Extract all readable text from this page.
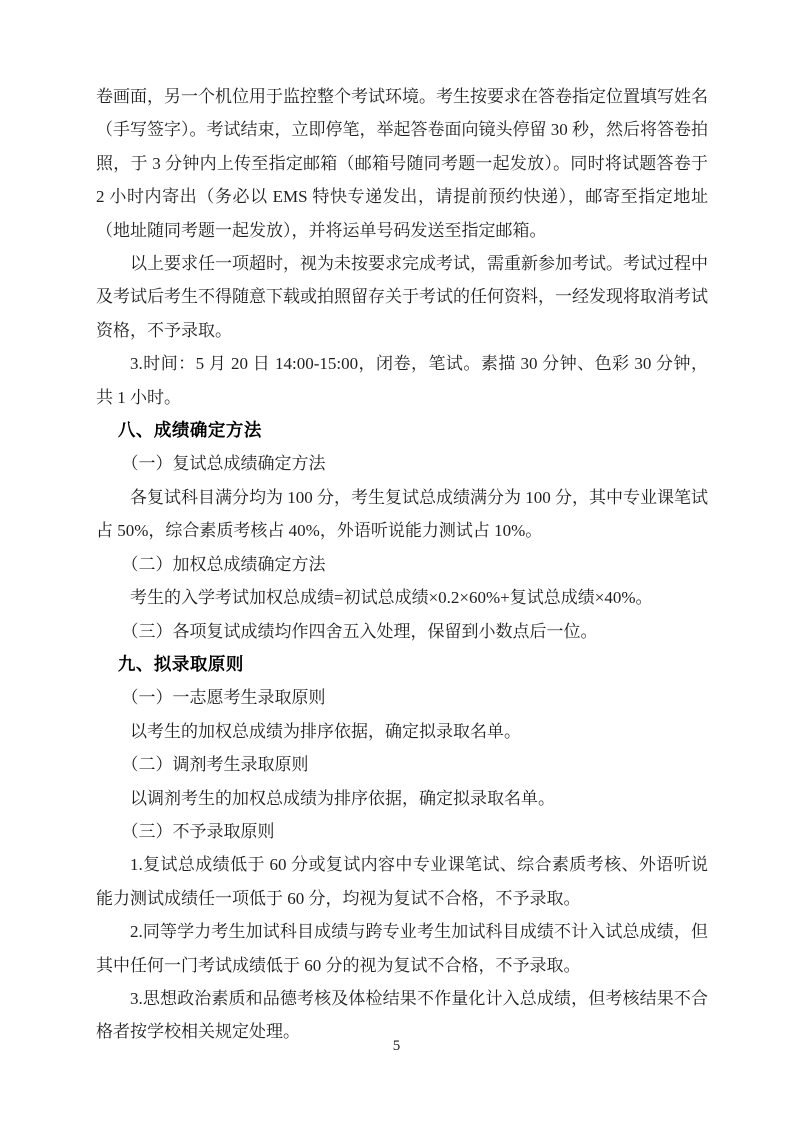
卷画面，另一个机位用于监控整个考试环境。考生按要求在答卷指定位置填写姓名（手写签字）。考试结束，立即停笔，举起答卷面向镜头停留 30 秒，然后将答卷拍照，于 3 分钟内上传至指定邮箱（邮箱号随同考题一起发放）。同时将试题答卷于 2 小时内寄出（务必以 EMS 特快专递发出，请提前预约快递），邮寄至指定地址（地址随同考题一起发放），并将运单号码发送至指定邮箱。

以上要求任一项超时，视为未按要求完成考试，需重新参加考试。考试过程中及考试后考生不得随意下载或拍照留存关于考试的任何资料，一经发现将取消考试资格，不予录取。

3.时间：5 月 20 日 14:00-15:00，闭卷，笔试。素描 30 分钟、色彩 30 分钟，共 1 小时。

八、成绩确定方法

（一）复试总成绩确定方法

各复试科目满分均为 100 分，考生复试总成绩满分为 100 分，其中专业课笔试占 50%，综合素质考核占 40%，外语听说能力测试占 10%。

（二）加权总成绩确定方法

考生的入学考试加权总成绩=初试总成绩×0.2×60%+复试总成绩×40%。

（三）各项复试成绩均作四舍五入处理，保留到小数点后一位。

九、拟录取原则

（一）一志愿考生录取原则

以考生的加权总成绩为排序依据，确定拟录取名单。

（二）调剂考生录取原则

以调剂考生的加权总成绩为排序依据，确定拟录取名单。

（三）不予录取原则

1.复试总成绩低于 60 分或复试内容中专业课笔试、综合素质考核、外语听说能力测试成绩任一项低于 60 分，均视为复试不合格，不予录取。

2.同等学力考生加试科目成绩与跨专业考生加试科目成绩不计入试总成绩，但其中任何一门考试成绩低于 60 分的视为复试不合格，不予录取。

3.思想政治素质和品德考核及体检结果不作量化计入总成绩，但考核结果不合格者按学校相关规定处理。

5
